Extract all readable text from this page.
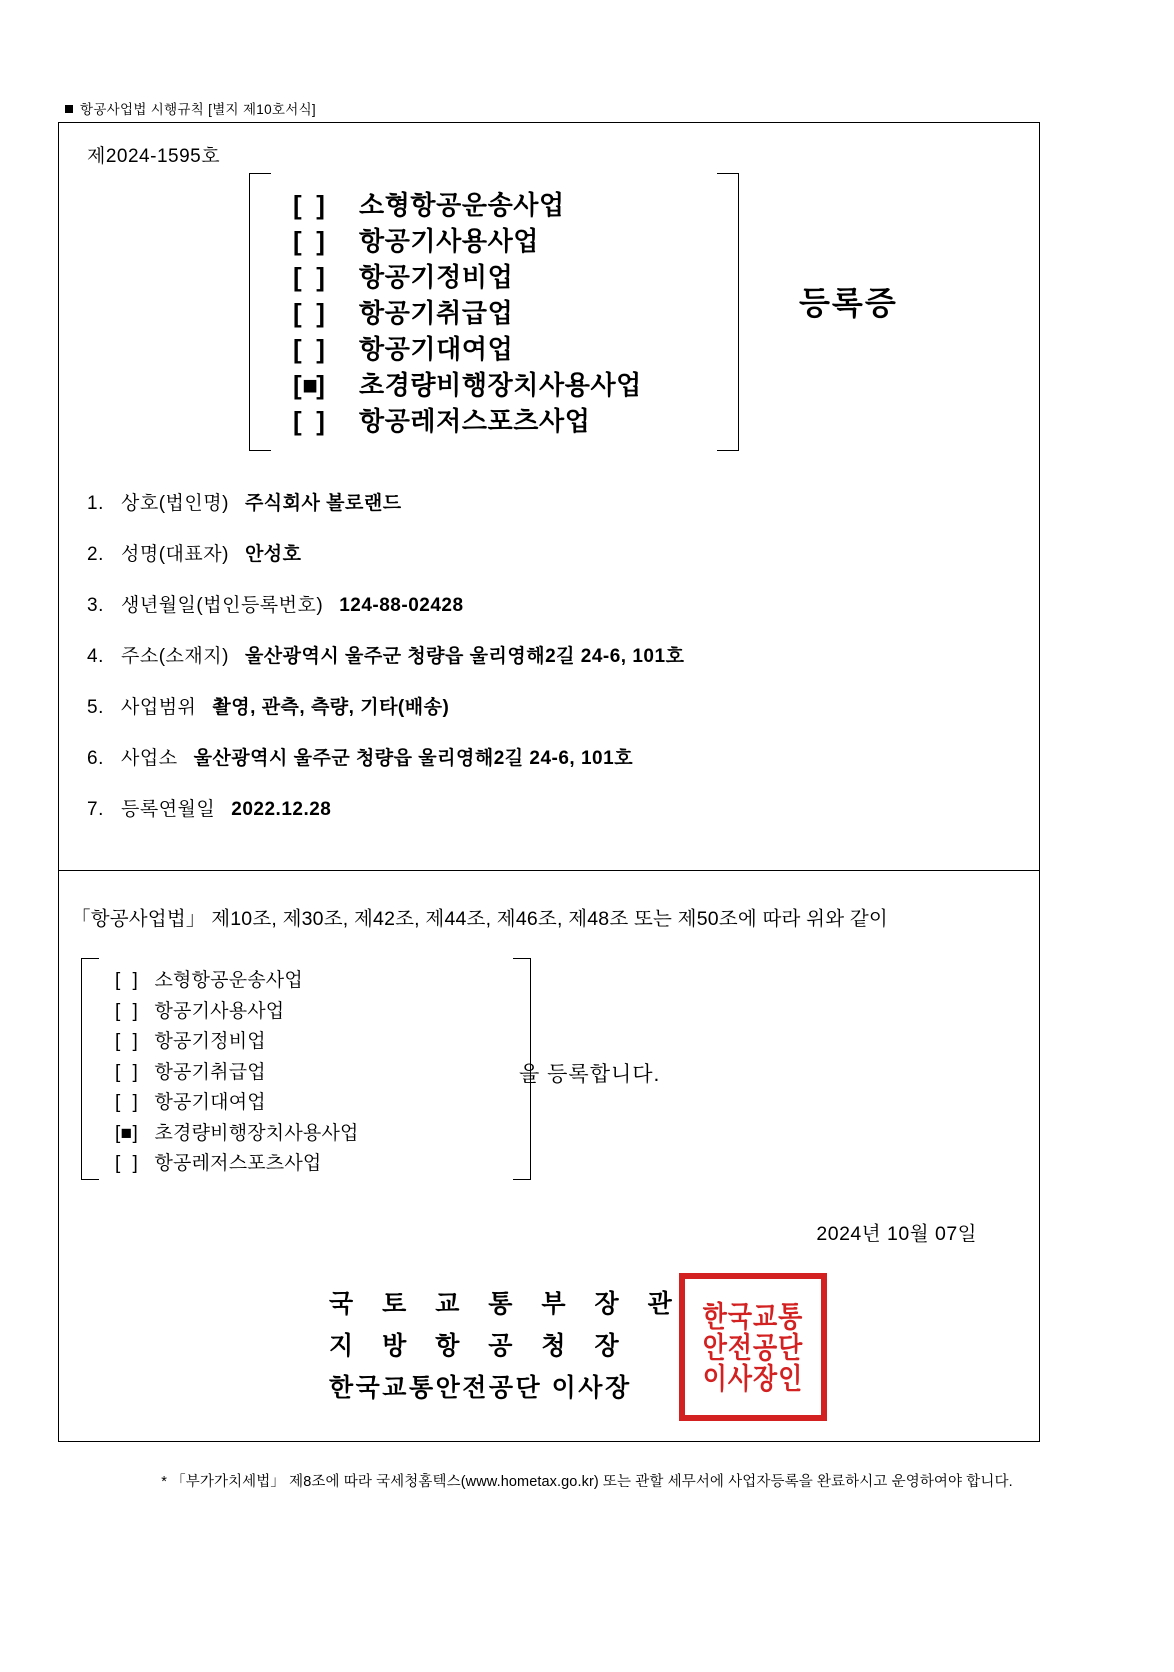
항공사업법 시행규칙 [별지 제10호서식]
제2024-1595호
[ ] 소형항공운송사업
[ ] 항공기사용사업
[ ] 항공기정비업
[ ] 항공기취급업
[ ] 항공기대여업
[■] 초경량비행장치사용사업
[ ] 항공레저스포츠사업
등록증
1. 상호(법인명) 주식회사 볼로랜드
2. 성명(대표자) 안성호
3. 생년월일(법인등록번호) 124-88-02428
4. 주소(소재지) 울산광역시 울주군 청량읍 울리영해2길 24-6, 101호
5. 사업범위 촬영, 관측, 측량, 기타(배송)
6. 사업소 울산광역시 울주군 청량읍 울리영해2길 24-6, 101호
7. 등록연월일 2022.12.28
「항공사업법」 제10조, 제30조, 제42조, 제44조, 제46조, 제48조 또는 제50조에 따라 위와 같이
[ ] 소형항공운송사업
[ ] 항공기사용사업
[ ] 항공기정비업
[ ] 항공기취급업
[ ] 항공기대여업
[■] 초경량비행장치사용사업
[ ] 항공레저스포츠사업
을 등록합니다.
2024년 10월 07일
국 토 교 통 부 장 관
지 방 항 공 청 장
한국교통안전공단 이사장
한국교통
안전공단
이사장인
* 「부가가치세법」 제8조에 따라 국세청홈텍스(www.hometax.go.kr) 또는 관할 세무서에 사업자등록을 완료하시고 운영하여야 합니다.
